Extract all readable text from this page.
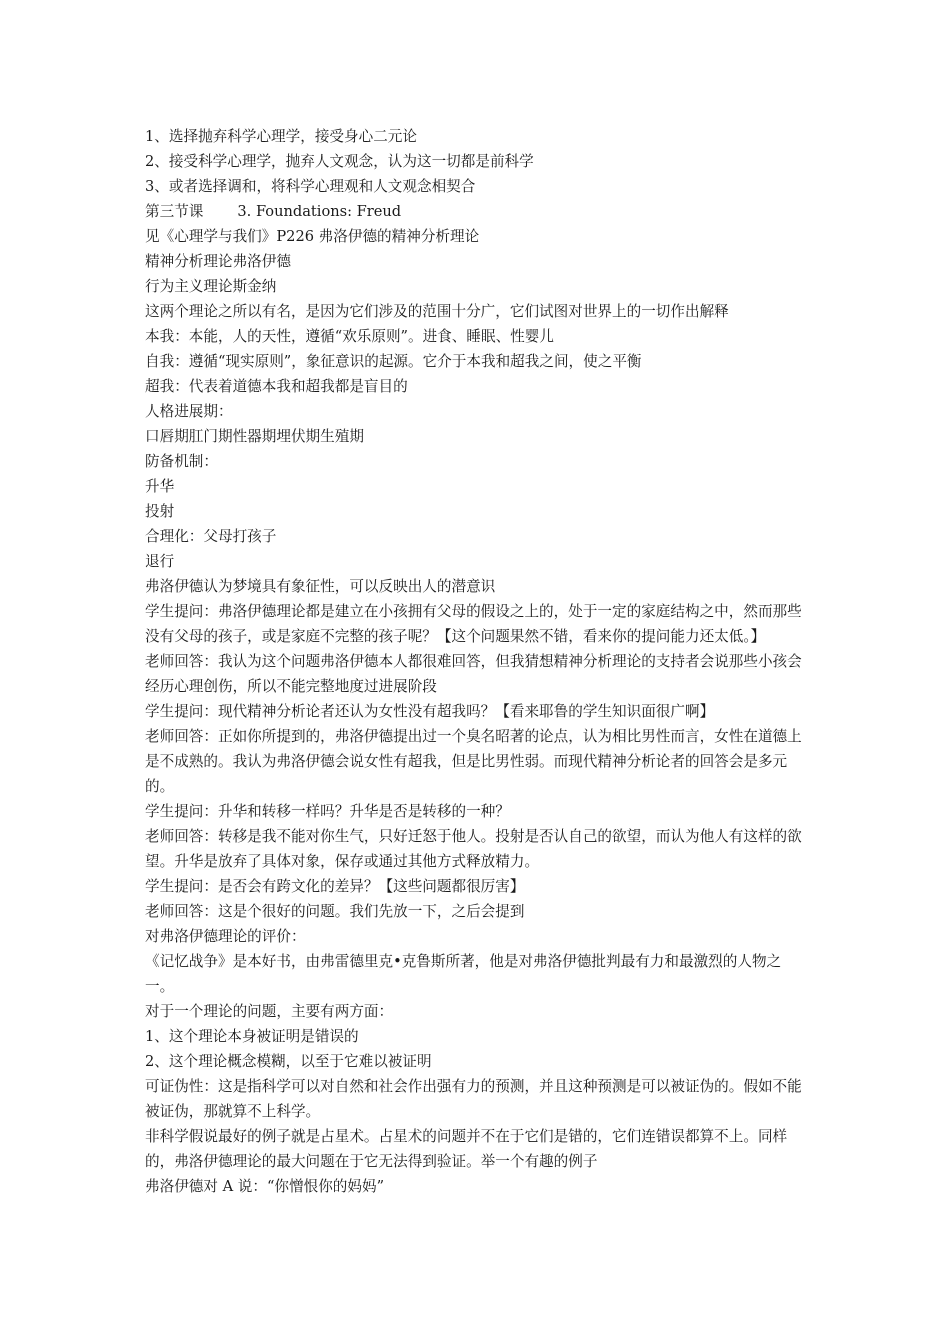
1、选择抛弃科学心理学，接受身心二元论

2、接受科学心理学，抛弃人文观念，认为这一切都是前科学

3、或者选择调和，将科学心理观和人文观念相契合

第三节课 3. Foundations: Freud

见《心理学与我们》P226 弗洛伊德的精神分析理论

精神分析理论弗洛伊德

行为主义理论斯金纳

这两个理论之所以有名，是因为它们涉及的范围十分广，它们试图对世界上的一切作出解释

本我：本能，人的天性，遵循“欢乐原则”。进食、睡眠、性婴儿

自我：遵循“现实原则”，象征意识的起源。它介于本我和超我之间，使之平衡

超我：代表着道德本我和超我都是盲目的

人格进展期：

口唇期肛门期性器期埋伏期生殖期

防备机制：

升华

投射

合理化：父母打孩子

退行

弗洛伊德认为梦境具有象征性，可以反映出人的潜意识

学生提问：弗洛伊德理论都是建立在小孩拥有父母的假设之上的，处于一定的家庭结构之中，然而那些没有父母的孩子，或是家庭不完整的孩子呢？【这个问题果然不错，看来你的提问能力还太低。】

老师回答：我认为这个问题弗洛伊德本人都很难回答，但我猜想精神分析理论的支持者会说那些小孩会经历心理创伤，所以不能完整地度过进展阶段

学生提问：现代精神分析论者还认为女性没有超我吗？【看来耶鲁的学生知识面很广啊】

老师回答：正如你所提到的，弗洛伊德提出过一个臭名昭著的论点，认为相比男性而言，女性在道德上是不成熟的。我认为弗洛伊德会说女性有超我，但是比男性弱。而现代精神分析论者的回答会是多元的。

学生提问：升华和转移一样吗？升华是否是转移的一种？

老师回答：转移是我不能对你生气，只好迁怒于他人。投射是否认自己的欲望，而认为他人有这样的欲望。升华是放弃了具体对象，保存或通过其他方式释放精力。

学生提问：是否会有跨文化的差异？【这些问题都很厉害】

老师回答：这是个很好的问题。我们先放一下，之后会提到

对弗洛伊德理论的评价：

《记忆战争》是本好书，由弗雷德里克•克鲁斯所著，他是对弗洛伊德批判最有力和最激烈的人物之一。

对于一个理论的问题，主要有两方面：

1、这个理论本身被证明是错误的

2、这个理论概念模糊，以至于它难以被证明

可证伪性：这是指科学可以对自然和社会作出强有力的预测，并且这种预测是可以被证伪的。假如不能被证伪，那就算不上科学。

非科学假说最好的例子就是占星术。占星术的问题并不在于它们是错的，它们连错误都算不上。同样的，弗洛伊德理论的最大问题在于它无法得到验证。举一个有趣的例子

弗洛伊德对 A 说：“你憎恨你的妈妈”
